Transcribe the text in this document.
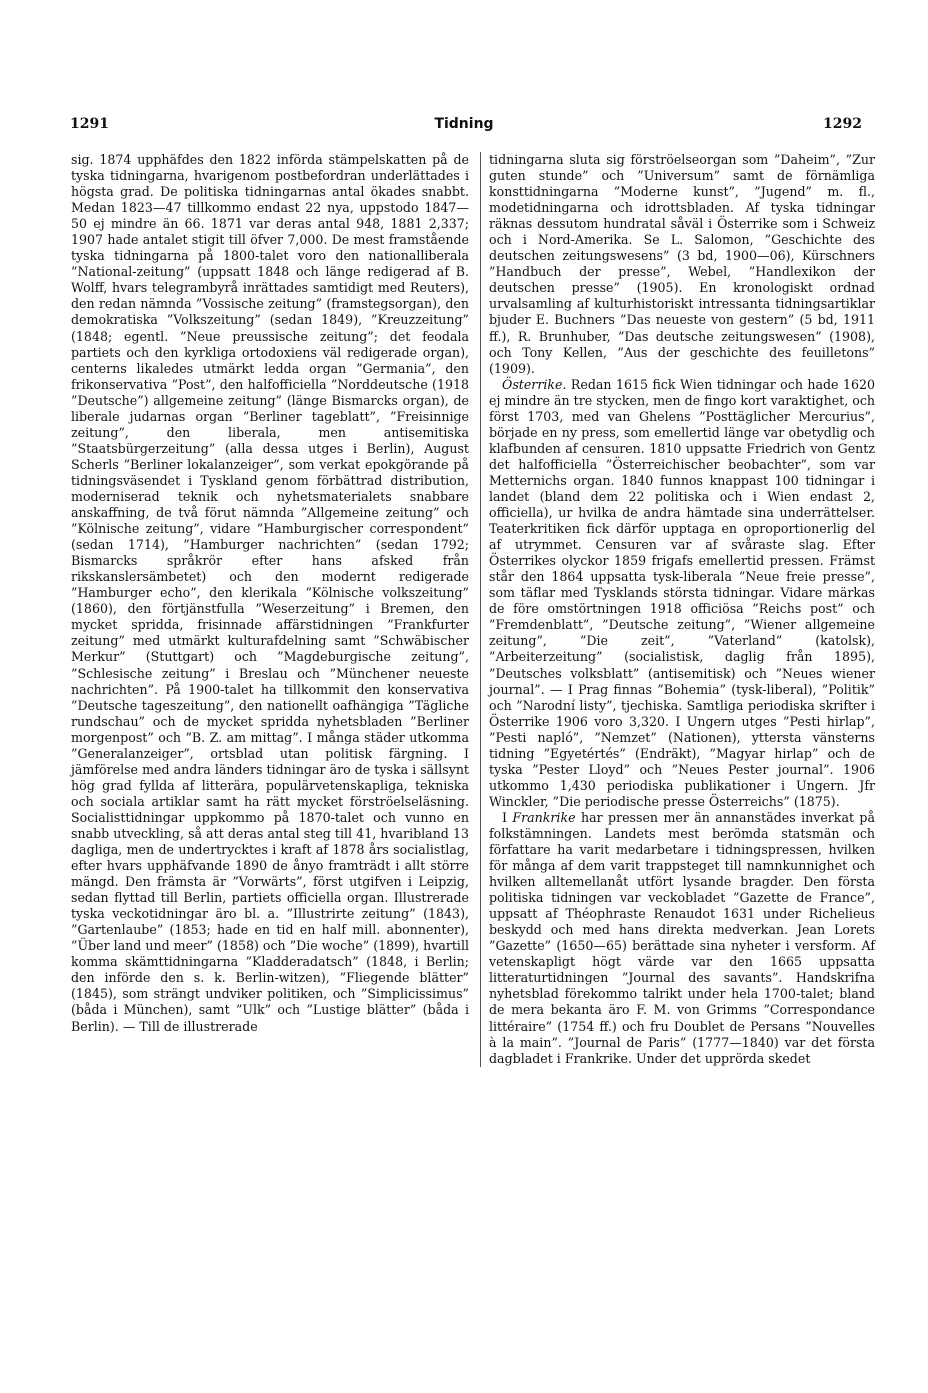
1291	Tidning	1292

sig. 1874 upphäfdes den 1822 införda stämpelskatten på de tyska tidningarna, hvarigenom postbefordran underlättades i högsta grad. De politiska tidningarnas antal ökades snabbt. Medan 1823—47 tillkommo endast 22 nya, uppstodo 1847—50 ej mindre än 66. 1871 var deras antal 948, 1881 2,337; 1907 hade antalet stigit till öfver 7,000. De mest framstående tyska tidningarna på 1800-talet voro den nationalliberala ”National-zeitung” (uppsatt 1848 och länge redigerad af B. Wolff, hvars telegrambyrå inrättades samtidigt med Reuters), den redan nämnda ”Vossische zeitung” (framstegsorgan), den demokratiska ”Volkszeitung” (sedan 1849), ”Kreuzzeitung” (1848; egentl. ”Neue preussische zeitung”; det feodala partiets och den kyrkliga ortodoxiens väl redigerade organ), centerns likaledes utmärkt ledda organ ”Germania”, den frikonservativa ”Post”, den halfofficiella ”Norddeutsche (1918 ”Deutsche”) allgemeine zeitung” (länge Bismarcks organ), de liberale judarnas organ ”Berliner tageblatt”, ”Freisinnige zeitung”, den liberala, men antisemitiska ”Staatsbürgerzeitung” (alla dessa utges i Berlin), August Scherls ”Berliner lokalanzeiger”, som verkat epokgörande på tidningsväsendet i Tyskland genom förbättrad distribution, moderniserad teknik och nyhetsmaterialets snabbare anskaffning, de två förut nämnda ”Allgemeine zeitung” och ”Kölnische zeitung”, vidare ”Hamburgischer correspondent” (sedan 1714), ”Hamburger nachrichten” (sedan 1792; Bismarcks språkrör efter hans afsked från rikskanslersämbetet) och den modernt redigerade ”Hamburger echo”, den klerikala ”Kölnische volkszeitung” (1860), den förtjänstfulla ”Weserzeitung” i Bremen, den mycket spridda, frisinnade affärstidningen ”Frankfurter zeitung” med utmärkt kulturafdelning samt ”Schwäbischer Merkur” (Stuttgart) och ”Magdeburgische zeitung”, ”Schlesische zeitung” i Breslau och ”Münchener neueste nachrichten”. På 1900-talet ha tillkommit den konservativa ”Deutsche tageszeitung”, den nationellt oafhängiga ”Tägliche rundschau” och de mycket spridda nyhetsbladen ”Berliner morgenpost” och ”B. Z. am mittag”. I många städer utkomma ”Generalanzeiger”, ortsblad utan politisk färgning. I jämförelse med andra länders tidningar äro de tyska i sällsynt hög grad fyllda af litterära, populärvetenskapliga, tekniska och sociala artiklar samt ha rätt mycket förströelseläsning. Socialisttidningar uppkommo på 1870-talet och vunno en snabb utveckling, så att deras antal steg till 41, hvaribland 13 dagliga, men de undertrycktes i kraft af 1878 års socialistlag, efter hvars upphäfvande 1890 de ånyo framträdt i allt större mängd. Den främsta är ”Vorwärts”, först utgifven i Leipzig, sedan flyttad till Berlin, partiets officiella organ. Illustrerade tyska veckotidningar äro bl. a. ”Illustrirte zeitung” (1843), ”Gartenlaube” (1853; hade en tid en half mill. abonnenter), ”Über land und meer” (1858) och ”Die woche” (1899), hvartill komma skämttidningarna ”Kladderadatsch” (1848, i Berlin; den införde den s. k. Berlin-witzen), ”Fliegende blätter” (1845), som strängt undviker politiken, och ”Simplicissimus” (båda i München), samt ”Ulk” och ”Lustige blätter” (båda i Berlin). — Till de illustrerade

tidningarna sluta sig förströelseorgan som ”Daheim”, ”Zur guten stunde” och ”Universum” samt de förnämliga konsttidningarna ”Moderne kunst”, ”Jugend” m. fl., modetidningarna och idrottsbladen. Af tyska tidningar räknas dessutom hundratal såväl i Österrike som i Schweiz och i Nord-Amerika. Se L. Salomon, ”Geschichte des deutschen zeitungswesens” (3 bd, 1900—06), Kürschners ”Handbuch der presse”, Webel, ”Handlexikon der deutschen presse” (1905). En kronologiskt ordnad urvalsamling af kulturhistoriskt intressanta tidningsartiklar bjuder E. Buchners ”Das neueste von gestern” (5 bd, 1911 ff.), R. Brunhuber, ”Das deutsche zeitungswesen” (1908), och Tony Kellen, ”Aus der geschichte des feuilletons” (1909).

Österrike. Redan 1615 fick Wien tidningar och hade 1620 ej mindre än tre stycken, men de fingo kort varaktighet, och först 1703, med van Ghelens ”Posttäglicher Mercurius”, började en ny press, som emellertid länge var obetydlig och klafbunden af censuren. 1810 uppsatte Friedrich von Gentz det halfofficiella ”Österreichischer beobachter”, som var Metternichs organ. 1840 funnos knappast 100 tidningar i landet (bland dem 22 politiska och i Wien endast 2, officiella), ur hvilka de andra hämtade sina underrättelser. Teaterkritiken fick därför upptaga en oproportionerlig del af utrymmet. Censuren var af svåraste slag. Efter Österrikes olyckor 1859 frigafs emellertid pressen. Främst står den 1864 uppsatta tysk-liberala ”Neue freie presse”, som täflar med Tysklands största tidningar. Vidare märkas de före omstörtningen 1918 officiösa ”Reichs post” och ”Fremdenblatt”, ”Deutsche zeitung”, ”Wiener allgemeine zeitung”, ”Die zeit”, ”Vaterland” (katolsk), ”Arbeiterzeitung” (socialistisk, daglig från 1895), ”Deutsches volksblatt” (antisemitisk) och ”Neues wiener journal”. — I Prag finnas ”Bohemia” (tysk-liberal), ”Politik” och ”Narodní listy”, tjechiska. Samtliga periodiska skrifter i Österrike 1906 voro 3,320. I Ungern utges ”Pesti hirlap”, ”Pesti napló”, ”Nemzet” (Nationen), yttersta vänsterns tidning ”Egyetértés” (Endräkt), ”Magyar hirlap” och de tyska ”Pester Lloyd” och ”Neues Pester journal”. 1906 utkommo 1,430 periodiska publikationer i Ungern. Jfr Winckler, ”Die periodische presse Österreichs” (1875).

I Frankrike har pressen mer än annanstädes inverkat på folkstämningen. Landets mest berömda statsmän och författare ha varit medarbetare i tidningspressen, hvilken för många af dem varit trappsteget till namnkunnighet och hvilken alltemellanåt utfört lysande bragder. Den första politiska tidningen var veckobladet ”Gazette de France”, uppsatt af Théophraste Renaudot 1631 under Richelieus beskydd och med hans direkta medverkan. Jean Lorets ”Gazette” (1650—65) berättade sina nyheter i versform. Af vetenskapligt högt värde var den 1665 uppsatta litteraturtidningen ”Journal des savants”. Handskrifna nyhetsblad förekommo talrikt under hela 1700-talet; bland de mera bekanta äro F. M. von Grimms ”Correspondance littéraire” (1754 ff.) och fru Doublet de Persans ”Nouvelles à la main”. ”Journal de Paris” (1777—1840) var det första dagbladet i Frankrike. Under det upprörda skedet
